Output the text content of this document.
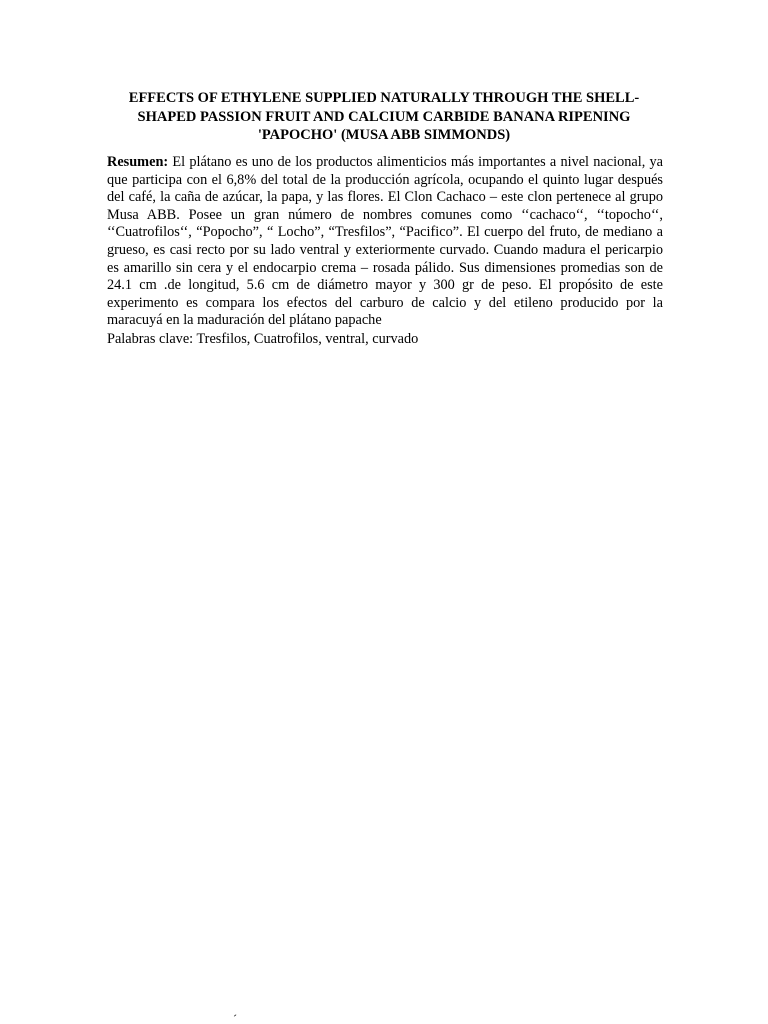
EFFECTS OF ETHYLENE SUPPLIED NATURALLY THROUGH THE SHELL-SHAPED PASSION FRUIT AND CALCIUM CARBIDE BANANA RIPENING 'PAPOCHO' (MUSA ABB SIMMONDS)

Resumen: El plátano es uno de los productos alimenticios más importantes a nivel nacional, ya que participa con el 6,8% del total de la producción agrícola, ocupando el quinto lugar después del café, la caña de azúcar, la papa, y las flores. El Clon Cachaco – este clon pertenece al grupo Musa ABB. Posee un gran número de nombres comunes como ‘‘cachaco‘‘, ‘‘topocho‘‘, ‘‘Cuatrofilos‘‘, “Popocho”, “ Locho”, “Tresfilos”, “Pacifico”. El cuerpo del fruto, de mediano a grueso, es casi recto por su lado ventral y exteriormente curvado. Cuando madura el pericarpio es amarillo sin cera y el endocarpio crema – rosada pálido. Sus dimensiones promedias son de 24.1 cm .de longitud, 5.6 cm de diámetro mayor y 300 gr de peso. El propósito de este experimento es compara los efectos del carburo de calcio y del etileno producido por la maracuyá en la maduración del plátano papache

Palabras clave: Tresfilos, Cuatrofilos, ventral, curvado

´
